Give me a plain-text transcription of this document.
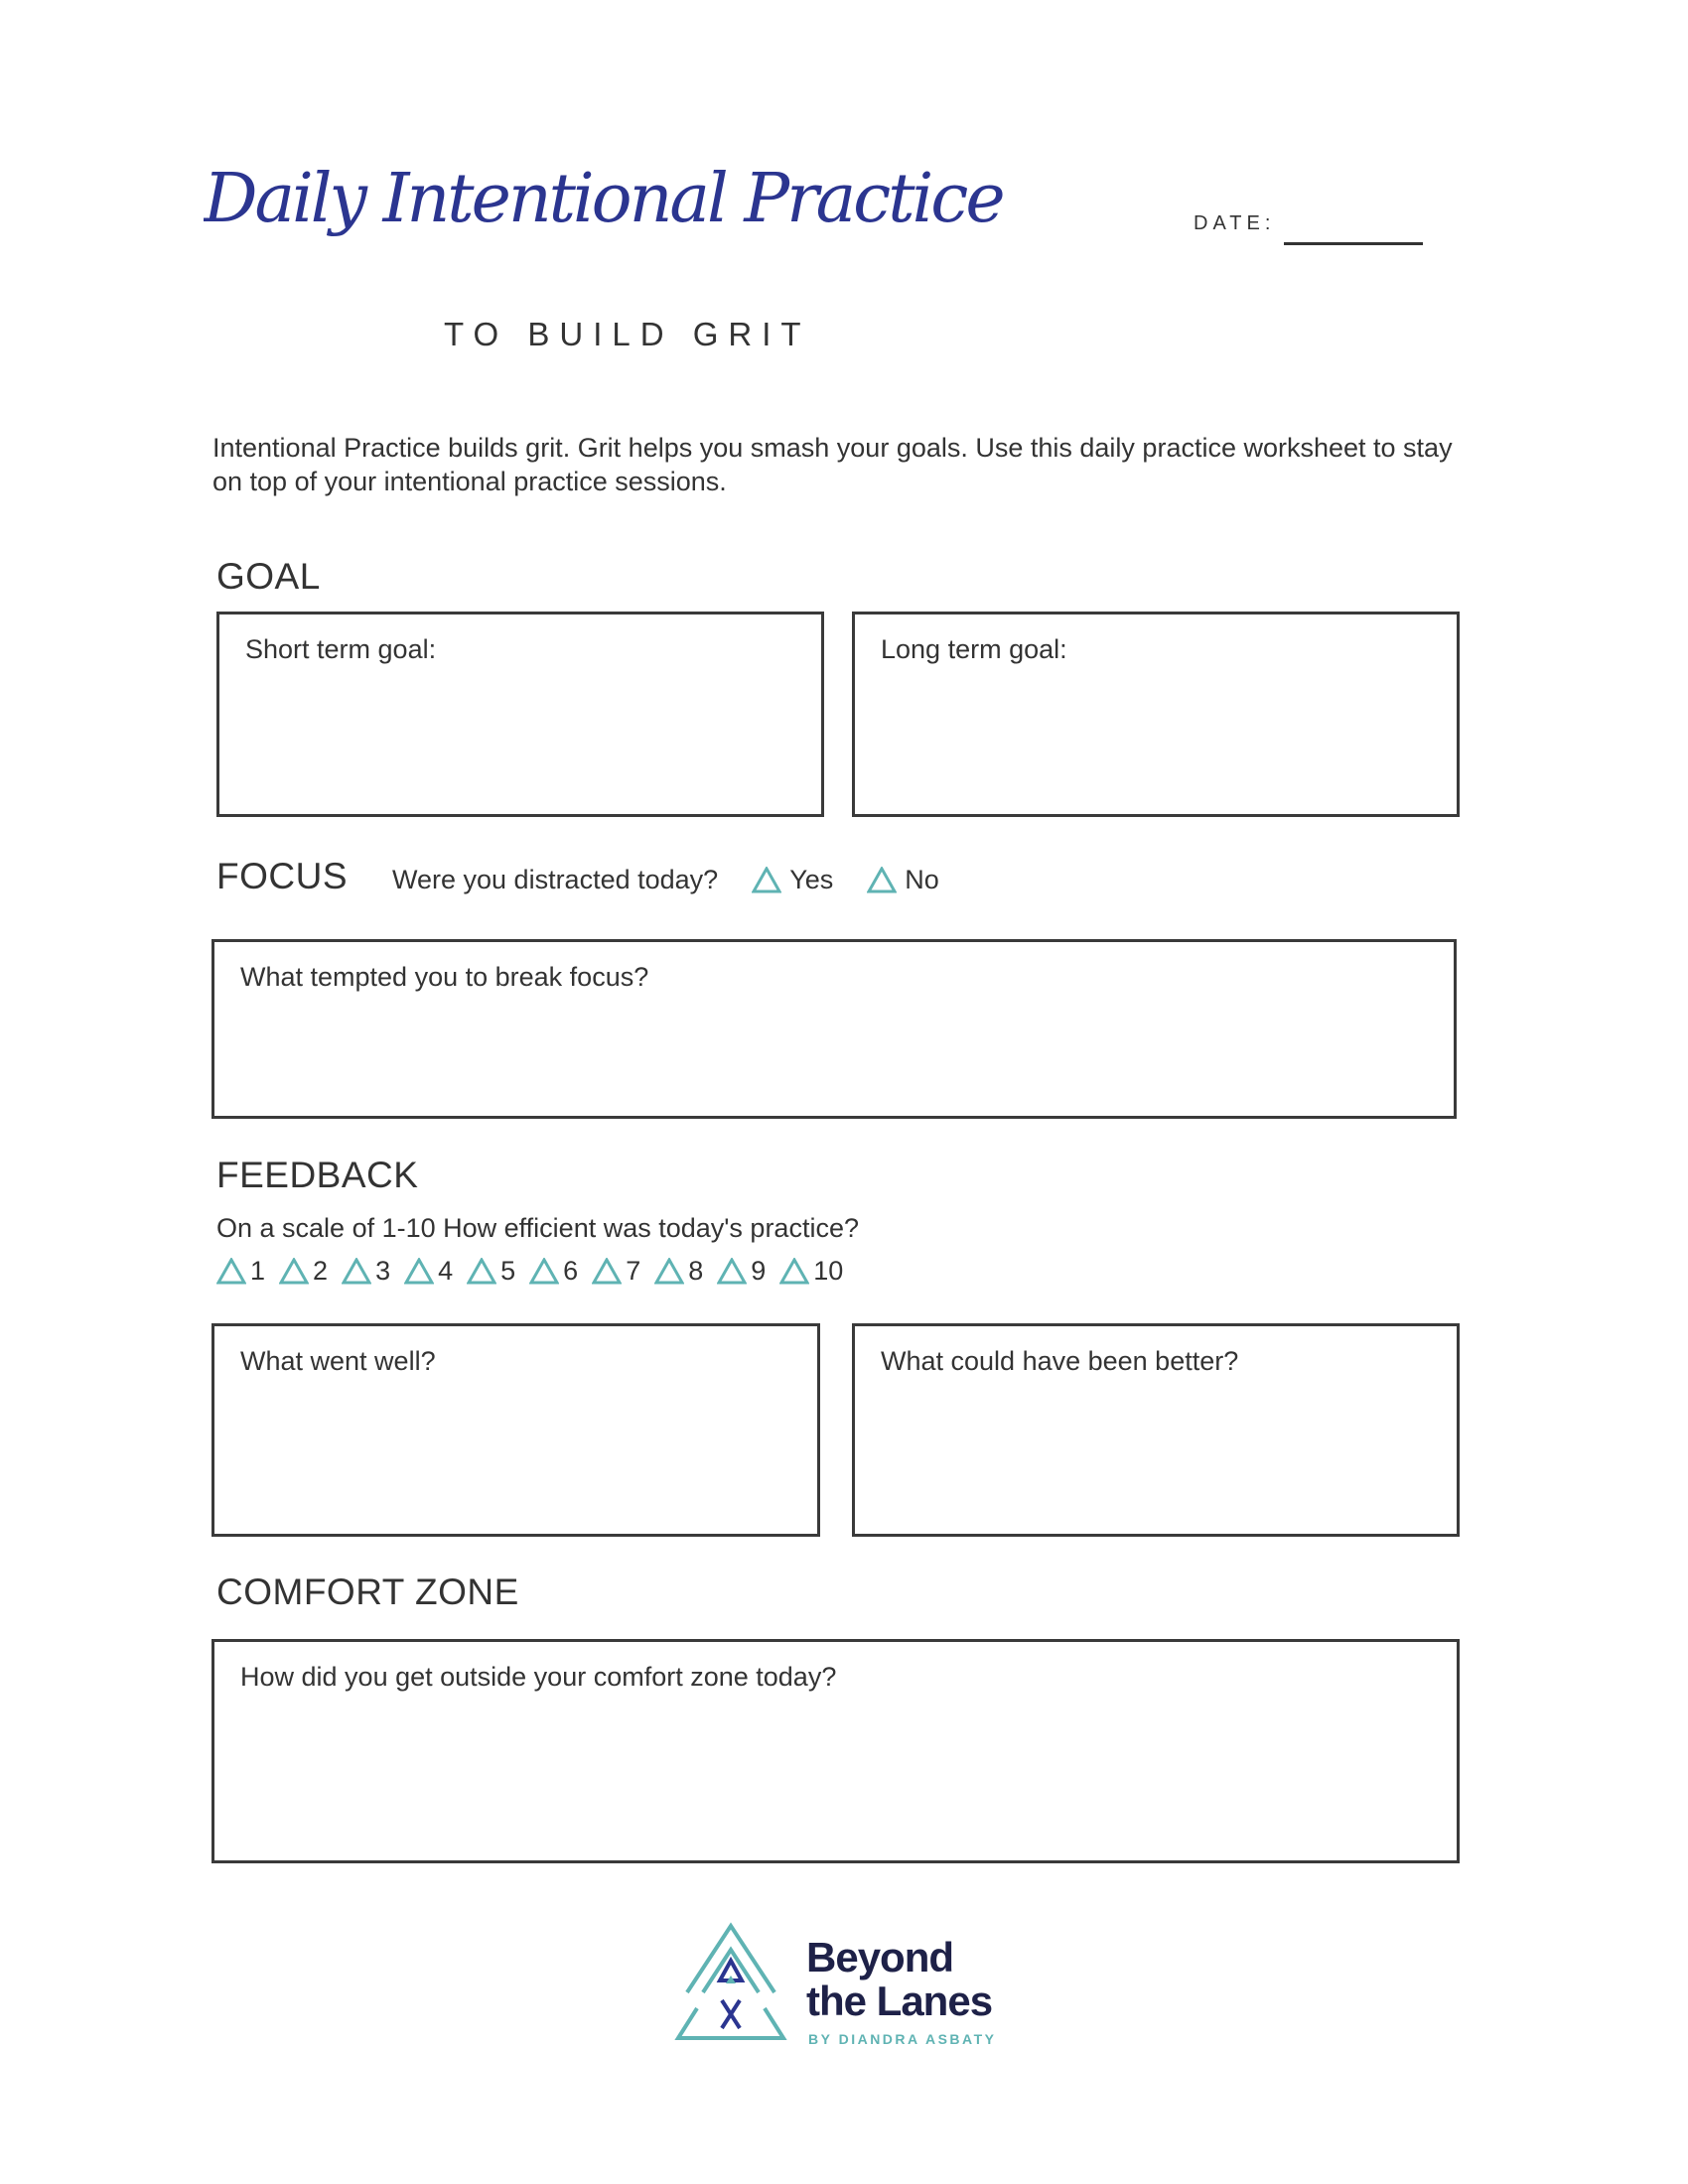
Daily Intentional Practice
TO BUILD GRIT
DATE:
Intentional Practice builds grit. Grit helps you smash your goals. Use this daily practice worksheet to stay on top of your intentional practice sessions.
GOAL
Short term goal:	Long term goal:
FOCUS Were you distracted today?	Yes	No
What tempted you to break focus?
FEEDBACK
On a scale of 1-10 How efficient was today's practice?
1 2 3 4 5 6 7 8 9 10
What went well?	What could have been better?
COMFORT ZONE
How did you get outside your comfort zone today?
Beyond
the Lanes
BY DIANDRA ASBATY
